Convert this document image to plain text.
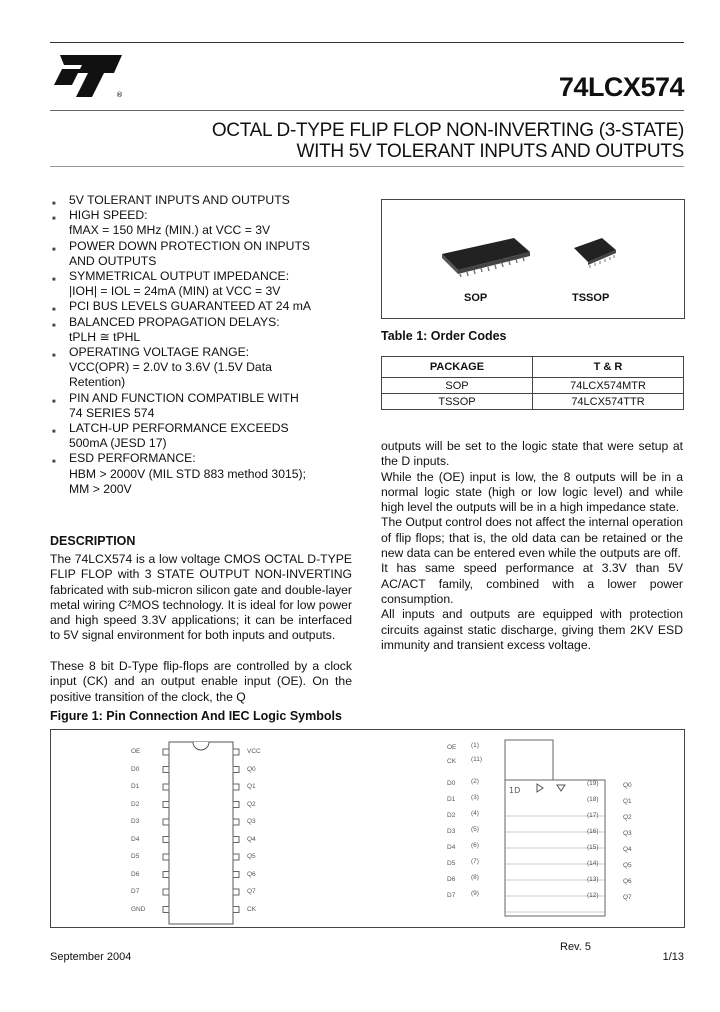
®	74LCX574
OCTAL D-TYPE FLIP FLOP NON-INVERTING (3-STATE)
WITH 5V TOLERANT INPUTS AND OUTPUTS
■ 5V TOLERANT INPUTS AND OUTPUTS
■ HIGH SPEED:
fMAX = 150 MHz (MIN.) at VCC = 3V
■ POWER DOWN PROTECTION ON INPUTS
AND OUTPUTS
■ SYMMETRICAL OUTPUT IMPEDANCE:
|IOH| = IOL = 24mA (MIN) at VCC = 3V
■ PCI BUS LEVELS GUARANTEED AT 24 mA
■ BALANCED PROPAGATION DELAYS:
tPLH ≅ tPHL
■ OPERATING VOLTAGE RANGE:
VCC(OPR) = 2.0V to 3.6V (1.5V Data
Retention)
■ PIN AND FUNCTION COMPATIBLE WITH
74 SERIES 574
■ LATCH-UP PERFORMANCE EXCEEDS
500mA (JESD 17)
■ ESD PERFORMANCE:
HBM > 2000V (MIL STD 883 method 3015);
MM > 200V
DESCRIPTION
The 74LCX574 is a low voltage CMOS OCTAL D-TYPE FLIP FLOP with 3 STATE OUTPUT NON-INVERTING fabricated with sub-micron silicon gate and double-layer metal wiring C²MOS technology. It is ideal for low power and high speed 3.3V applications; it can be interfaced to 5V signal environment for both inputs and outputs.
These 8 bit D-Type flip-flops are controlled by a clock input (CK) and an output enable input (OE). On the positive transition of the clock, the Q
SOP	TSSOP
Table 1: Order Codes
PACKAGE	T & R
SOP	74LCX574MTR
TSSOP	74LCX574TTR
outputs will be set to the logic state that were setup at the D inputs.
While the (OE) input is low, the 8 outputs will be in a normal logic state (high or low logic level) and while high level the outputs will be in a high impedance state.
The Output control does not affect the internal operation of flip flops; that is, the old data can be retained or the new data can be entered even while the outputs are off.
It has same speed performance at 3.3V than 5V AC/ACT family, combined with a lower power consumption.
All inputs and outputs are equipped with protection circuits against static discharge, giving them 2KV ESD immunity and transient excess voltage.
Figure 1: Pin Connection And IEC Logic Symbols
OE
D0
D1
D2
D3
D4
D5
D6
D7
GND
VCC
Q0
Q1
Q2
Q3
Q4
Q5
Q6
Q7
CK
1D
OE (1)
CK (11)
D0 (2)
D1 (3)
D2 (4)
D3 (5)
D4 (6)
D5 (7)
D6 (8)
D7 (9)
(19)	Q0
(18)	Q1
(17)	Q2
(16)	Q3
(15)	Q4
(14)	Q5
(13)	Q6
(12)	Q7
Rev. 5
September 2004	1/13
